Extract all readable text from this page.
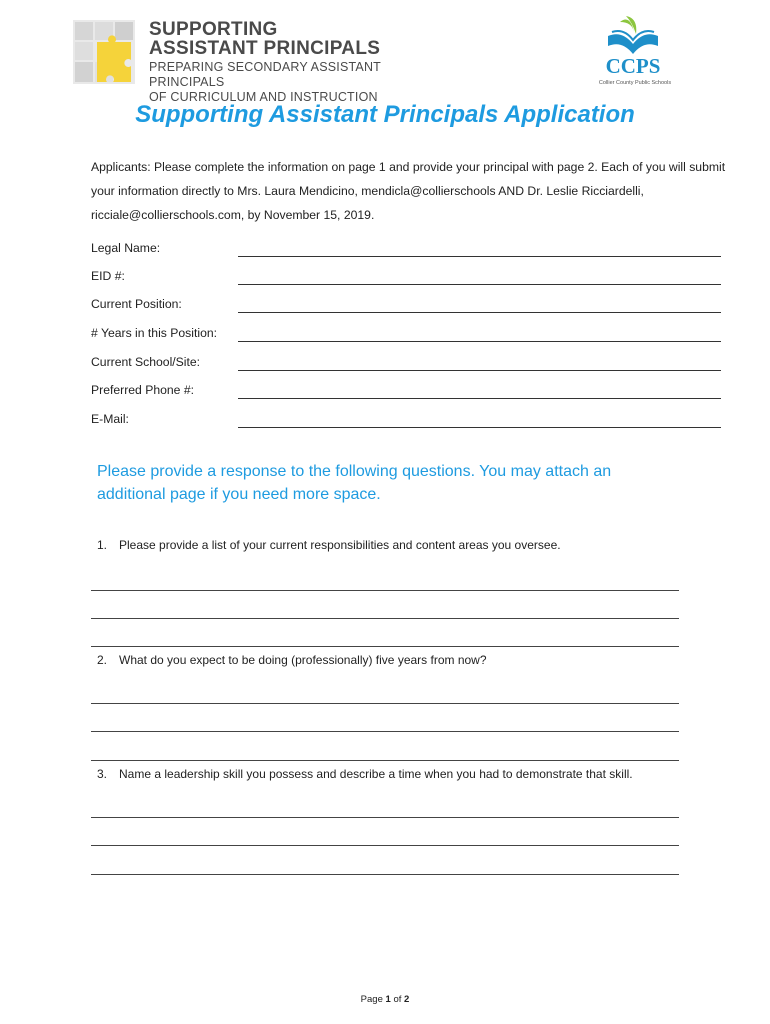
SUPPORTING
ASSISTANT PRINCIPALS
PREPARING SECONDARY ASSISTANT PRINCIPALS
OF CURRICULUM AND INSTRUCTION
CCPS
Collier County Public Schools
Supporting Assistant Principals Application
Applicants: Please complete the information on page 1 and provide your principal with page 2. Each of you will submit your information directly to Mrs. Laura Mendicino, mendicla@collierschools AND Dr. Leslie Ricciardelli, ricciale@collierschools.com, by November 15, 2019.
Legal Name:
EID #:
Current Position:
# Years in this Position:
Current School/Site:
Preferred Phone #:
E-Mail:
Please provide a response to the following questions. You may attach an additional page if you need more space.
1. Please provide a list of your current responsibilities and content areas you oversee.
2. What do you expect to be doing (professionally) five years from now?
3. Name a leadership skill you possess and describe a time when you had to demonstrate that skill.
Page 1 of 2
